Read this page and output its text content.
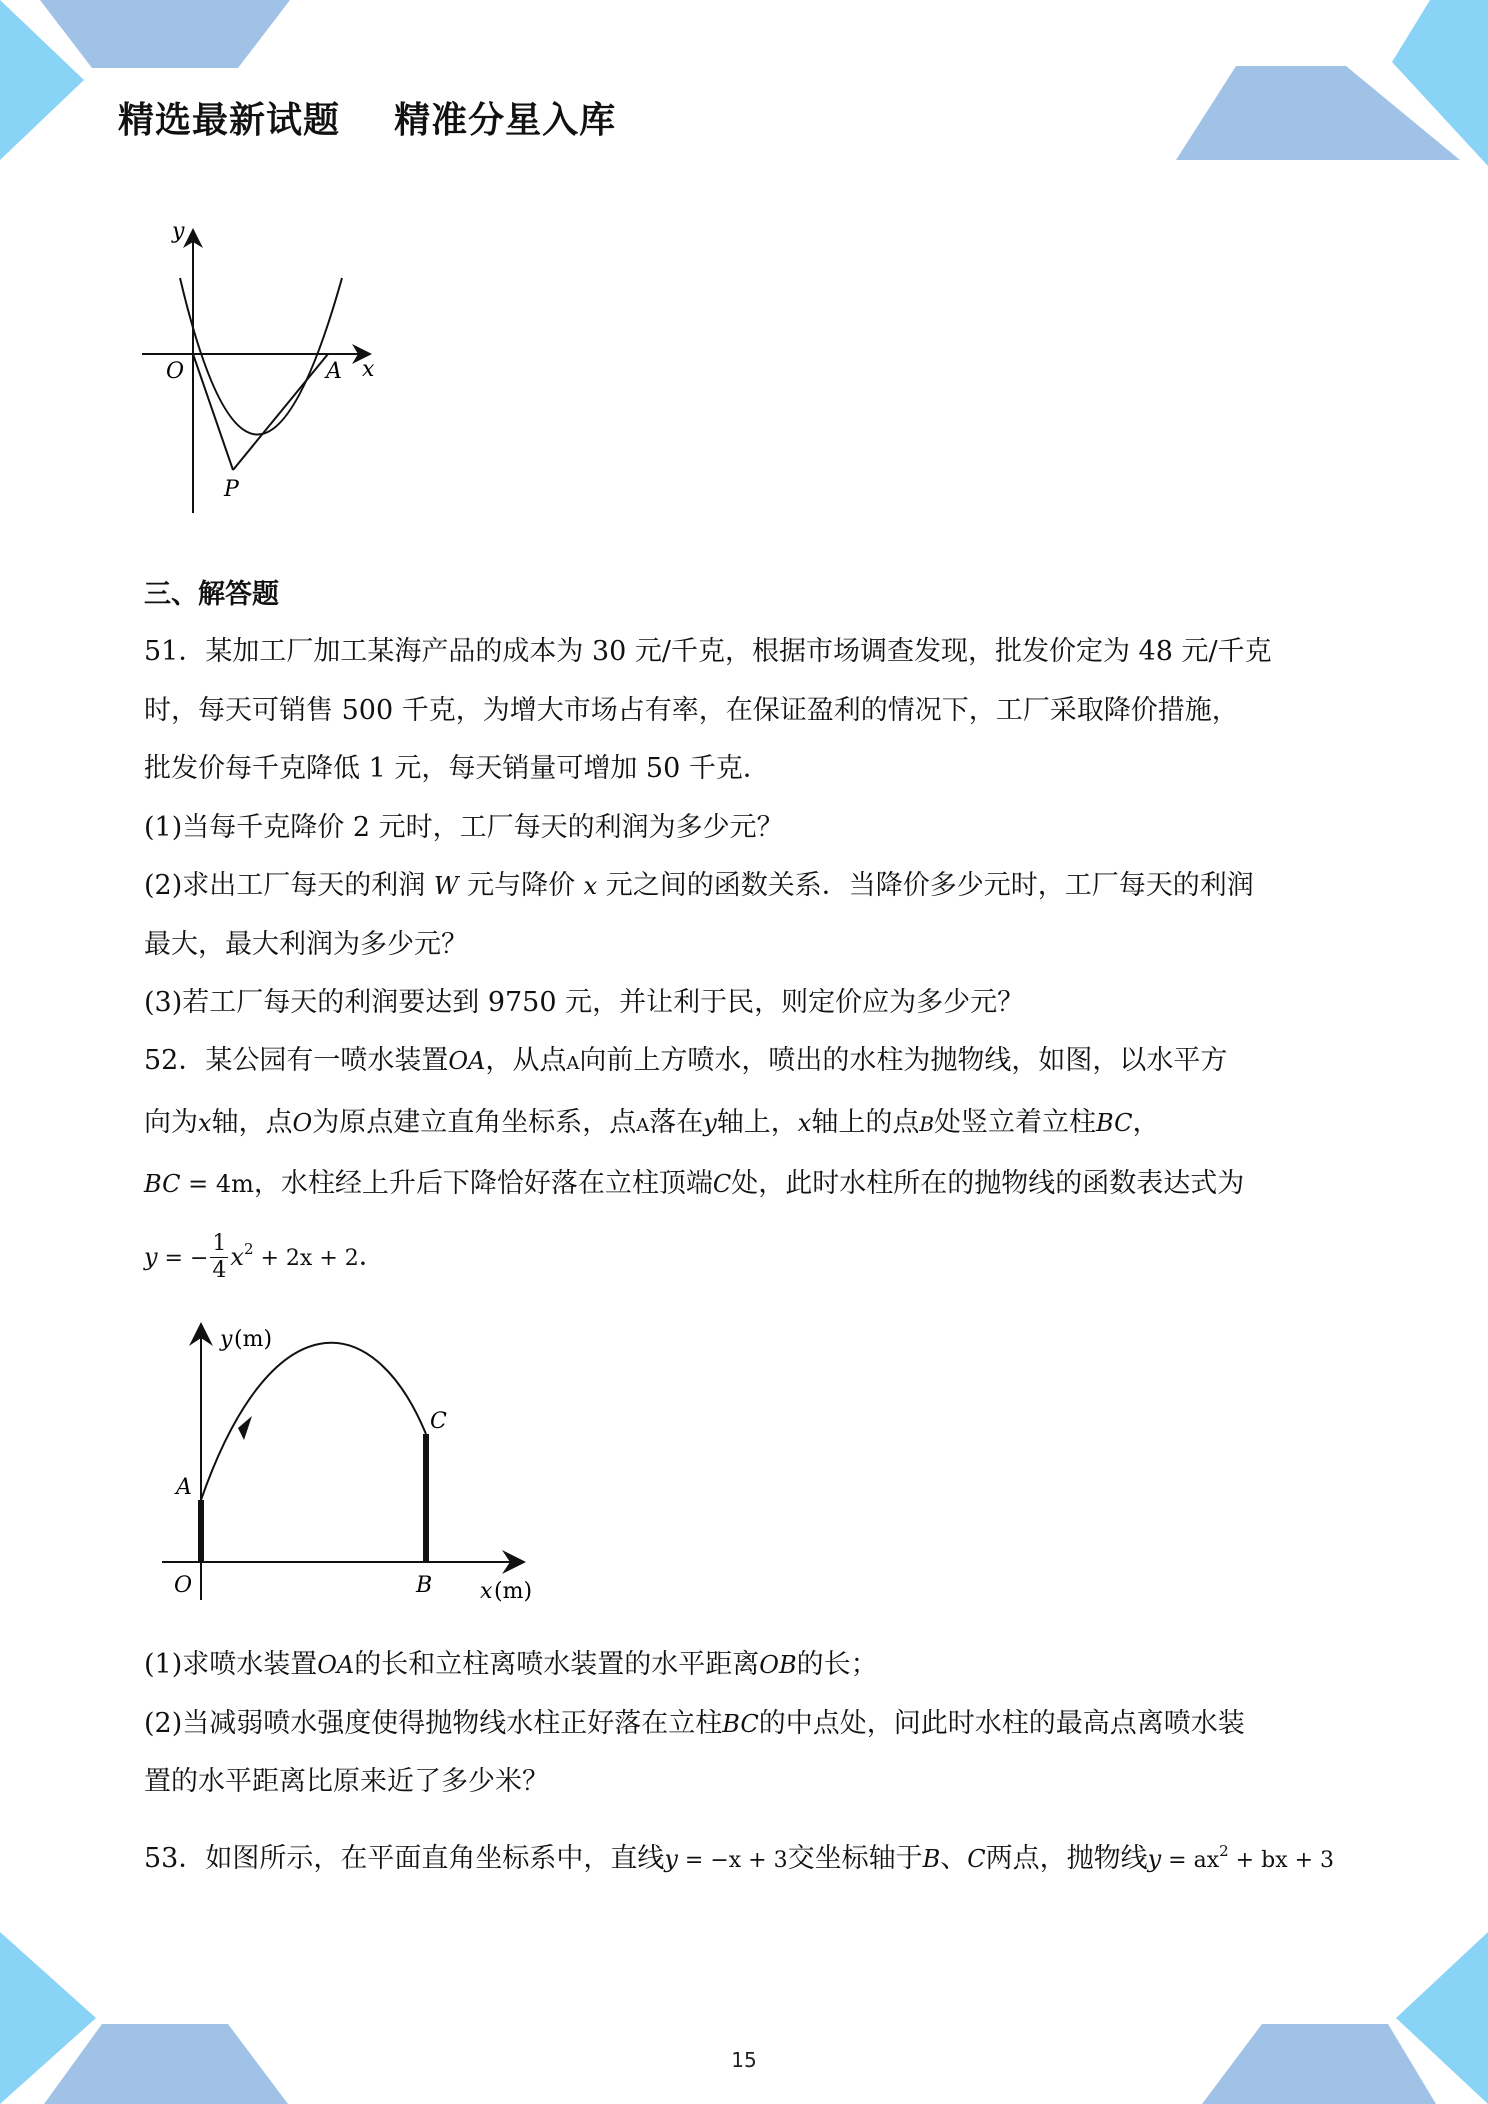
精选最新试题    精准分星入库
y
x
O	A
P
三、解答题
51．某加工厂加工某海产品的成本为 30 元/千克，根据市场调查发现，批发价定为 48 元/千克
时，每天可销售 500 千克，为增大市场占有率，在保证盈利的情况下，工厂采取降价措施，
批发价每千克降低 1 元，每天销量可增加 50 千克．
(1)当每千克降价 2 元时，工厂每天的利润为多少元？
(2)求出工厂每天的利润 W 元与降价 x 元之间的函数关系．当降价多少元时，工厂每天的利润
最大，最大利润为多少元？
(3)若工厂每天的利润要达到 9750 元，并让利于民，则定价应为多少元？
52．某公园有一喷水装置OA，从点A向前上方喷水，喷出的水柱为抛物线，如图，以水平方
向为x轴，点O为原点建立直角坐标系，点A落在y轴上，x轴上的点B处竖立着立柱BC，
BC = 4m，水柱经上升后下降恰好落在立柱顶端C处，此时水柱所在的抛物线的函数表达式为
y = − $\frac{1}{4} x^2 + 2x + 2$．
y (m)
x (m)
O
A
B
C
(1)求喷水装置OA的长和立柱离喷水装置的水平距离OB的长；
(2)当减弱喷水强度使得抛物线水柱正好落在立柱BC的中点处，问此时水柱的最高点离喷水装
置的水平距离比原来近了多少米？
53．如图所示，在平面直角坐标系中，直线y = −x + 3交坐标轴于B、C两点，抛物线$y = ax^2$ + bx + 3
15
